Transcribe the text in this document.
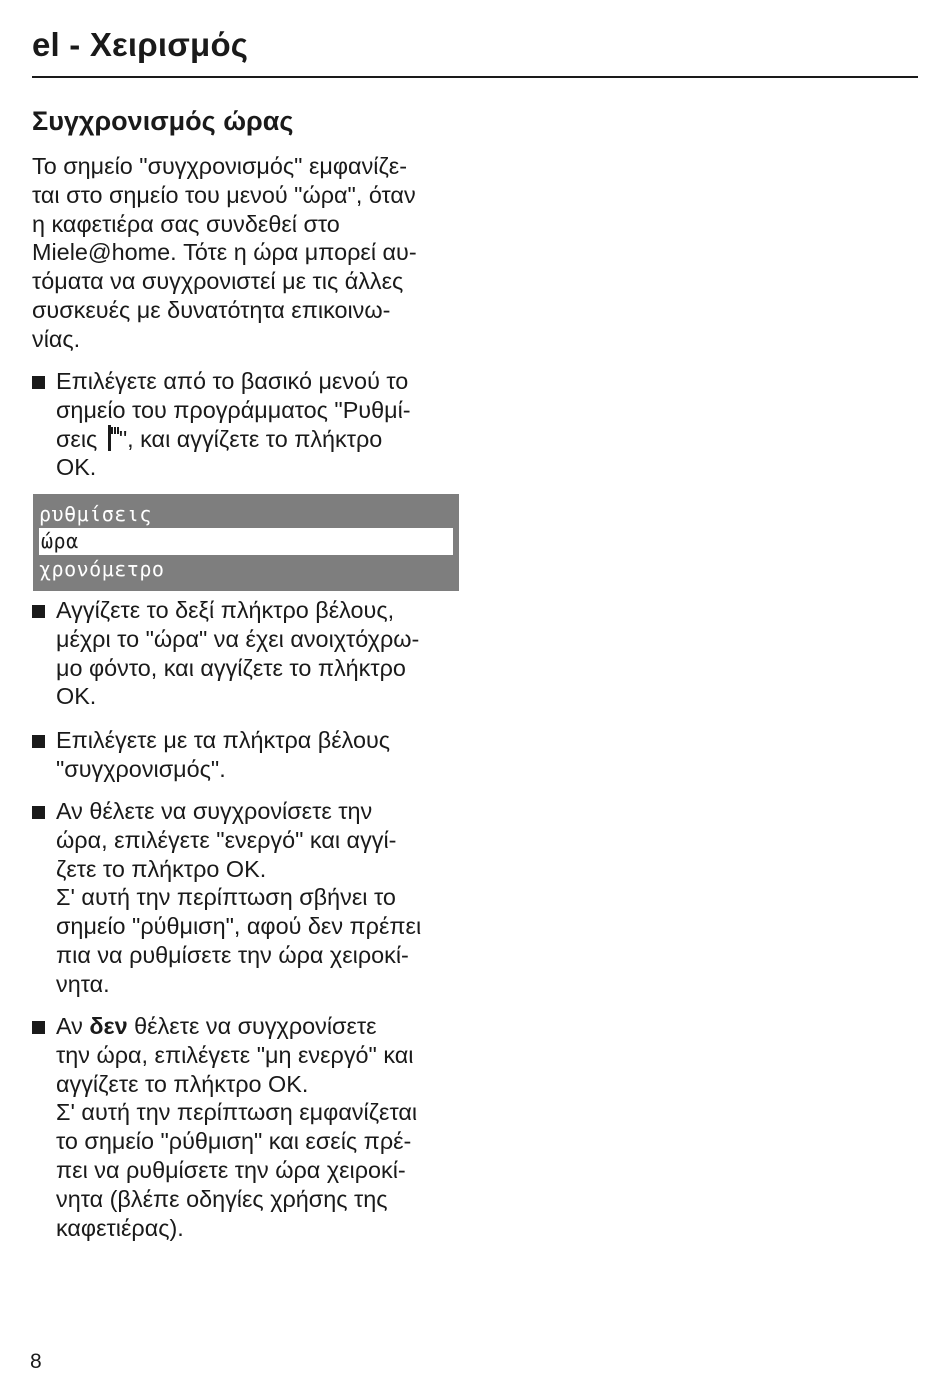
el - Χειρισμός
Συγχρονισμός ώρας
Το σημείο "συγχρονισμός" εμφανίζε-
ται στο σημείο του μενού "ώρα", όταν
η καφετιέρα σας συνδεθεί στο
Miele@home. Τότε η ώρα μπορεί αυ-
τόματα να συγχρονιστεί με τις άλλες
συσκευές με δυνατότητα επικοινω-
νίας.
Επιλέγετε από το βασικό μενού το
σημείο του προγράμματος "Ρυθμί-
σεις
", και αγγίζετε το πλήκτρο
OK.
ρυθμίσεις
ώρα
χρονόμετρο
Αγγίζετε το δεξί πλήκτρο βέλους,
μέχρι το "ώρα" να έχει ανοιχτόχρω-
μο φόντο, και αγγίζετε το πλήκτρο
OK.
Επιλέγετε με τα πλήκτρα βέλους
"συγχρονισμός".
Αν θέλετε να συγχρονίσετε την
ώρα, επιλέγετε "ενεργό" και αγγί-
ζετε το πλήκτρο OK.
Σ' αυτή την περίπτωση σβήνει το
σημείο "ρύθμιση", αφού δεν πρέπει
πια να ρυθμίσετε την ώρα χειροκί-
νητα.
Αν δεν θέλετε να συγχρονίσετε
την ώρα, επιλέγετε "μη ενεργό" και
αγγίζετε το πλήκτρο OK.
Σ' αυτή την περίπτωση εμφανίζεται
το σημείο "ρύθμιση" και εσείς πρέ-
πει να ρυθμίσετε την ώρα χειροκί-
νητα (βλέπε οδηγίες χρήσης της
καφετιέρας).
8
